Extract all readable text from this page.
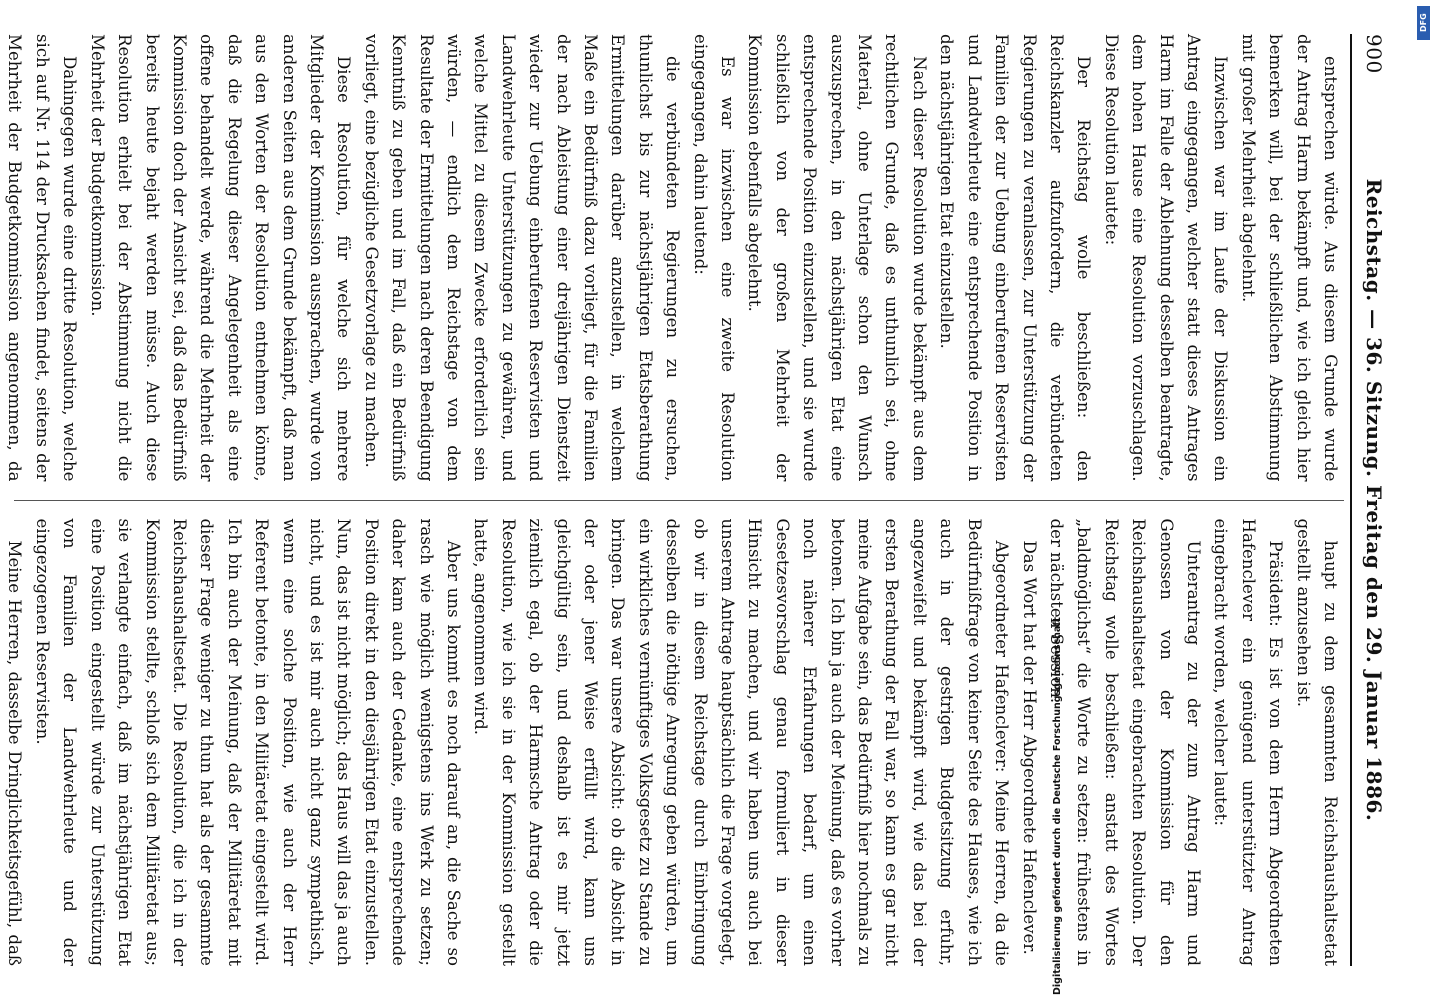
900
Reichstag. — 36. Sitzung. Freitag den 29. Januar 1886.

entsprechen würde. Aus diesem Grunde wurde der Antrag Harm bekämpft und, wie ich gleich hier bemerken will, bei der schließlichen Abstimmung mit großer Mehrheit abgelehnt.

Inzwischen war im Laufe der Diskussion ein Antrag eingegangen, welcher statt dieses Antrages Harm im Falle der Ablehnung desselben beantragte, dem hohen Hause eine Resolution vorzuschlagen. Diese Resolution lautete:

Der Reichstag wolle beschließen: den Reichskanzler aufzufordern, die verbündeten Regierungen zu veranlassen, zur Unterstützung der Familien der zur Uebung einberufenen Reservisten und Landwehrleute eine entsprechende Position in den nächstjährigen Etat einzustellen.

Nach dieser Resolution wurde bekämpft aus dem rechtlichen Grunde, daß es unthunlich sei, ohne Material, ohne Unterlage schon den Wunsch auszusprechen, in den nächstjährigen Etat eine entsprechende Position einzustellen, und sie wurde schließlich von der großen Mehrheit der Kommission ebenfalls abgelehnt.

Es war inzwischen eine zweite Resolution eingegangen, dahin lautend:

die verbündeten Regierungen zu ersuchen, thunlichst bis zur nächstjährigen Etatsberathung Ermittelungen darüber anzustellen, in welchem Maße ein Bedürfniß dazu vorliegt, für die Familien der nach Ableistung einer dreijährigen Dienstzeit wieder zur Uebung einberufenen Reservisten und Landwehrleute Unterstützungen zu gewähren, und welche Mittel zu diesem Zwecke erforderlich sein würden, — endlich dem Reichstage von dem Resultate der Ermittelungen nach deren Beendigung Kenntniß zu geben und im Fall, daß ein Bedürfniß vorliegt, eine bezügliche Gesetzvorlage zu machen.

Diese Resolution, für welche sich mehrere Mitglieder der Kommission aussprachen, wurde von anderen Seiten aus dem Grunde bekämpft, daß man aus den Worten der Resolution entnehmen könne, daß die Regelung dieser Angelegenheit als eine offene behandelt werde, während die Mehrheit der Kommission doch der Ansicht sei, daß das Bedürfniß bereits heute bejaht werden müsse. Auch diese Resolution erhielt bei der Abstimmung nicht die Mehrheit der Budgetkommission.

Dahingegen wurde eine dritte Resolution, welche sich auf Nr. 114 der Drucksachen findet, seitens der Mehrheit der Budgetkommission angenommen, da

haupt zu dem gesammten Reichshaushaltsetat gestellt anzusehen ist.

Präsident: Es ist von dem Herrn Abgeordneten Hafenclever ein genügend unterstützter Antrag eingebracht worden, welcher lautet:

Unterantrag zu der zum Antrag Harm und Genossen von der Kommission für den Reichshaushaltsetat eingebrachten Resolution. Der Reichstag wolle beschließen: anstatt des Wortes „baldmöglichst“ die Worte zu setzen: frühestens in der nächsten Session.

Das Wort hat der Herr Abgeordnete Hafenclever.

Abgeordneter Hafenclever: Meine Herren, da die Bedürfnißfrage von keiner Seite des Hauses, wie ich auch in der gestrigen Budgetsitzung erfuhr, angezweifelt und bekämpft wird, wie das bei der ersten Berathung der Fall war, so kann es gar nicht meine Aufgabe sein, das Bedürfniß hier nochmals zu betonen. Ich bin ja auch der Meinung, daß es vorher noch näherer Erfahrungen bedarf, um einen Gesetzesvorschlag genau formuliert in dieser Hinsicht zu machen, und wir haben uns auch bei unserem Antrage hauptsächlich die Frage vorgelegt, ob wir in diesem Reichstage durch Einbringung desselben die nöthige Anregung geben würden, um ein wirkliches vernünftiges Volksgesetz zu Stande zu bringen. Das war unsere Absicht: ob die Absicht in der oder jener Weise erfüllt wird, kann uns gleichgültig sein, und deshalb ist es mir jetzt ziemlich egal, ob der Harmsche Antrag oder die Resolution, wie ich sie in der Kommission gestellt hatte, angenommen wird.

Aber uns kommt es noch darauf an, die Sache so rasch wie möglich wenigstens ins Werk zu setzen; daher kam auch der Gedanke, eine entsprechende Position direkt in den diesjährigen Etat einzustellen. Nun, das ist nicht möglich; das Haus will das ja auch nicht, und es ist mir auch nicht ganz sympathisch, wenn eine solche Position, wie auch der Herr Referent betonte, in den Militäretat eingestellt wird. Ich bin auch der Meinung, daß der Militäretat mit dieser Frage weniger zu thun hat als der gesammte Reichshaushaltsetat. Die Resolution, die ich in der Kommission stellte, schloß sich dem Militäretat aus; sie verlangte einfach, daß im nächstjährigen Etat eine Position eingestellt würde zur Unterstützung von Familien der Landwehrleute und der eingezogenen Reservisten.

Meine Herren, dasselbe Dringlichkeitsgefühl, daß

DFG
Digitalisierung gefördert durch die Deutsche Forschungsgemeinschaft
